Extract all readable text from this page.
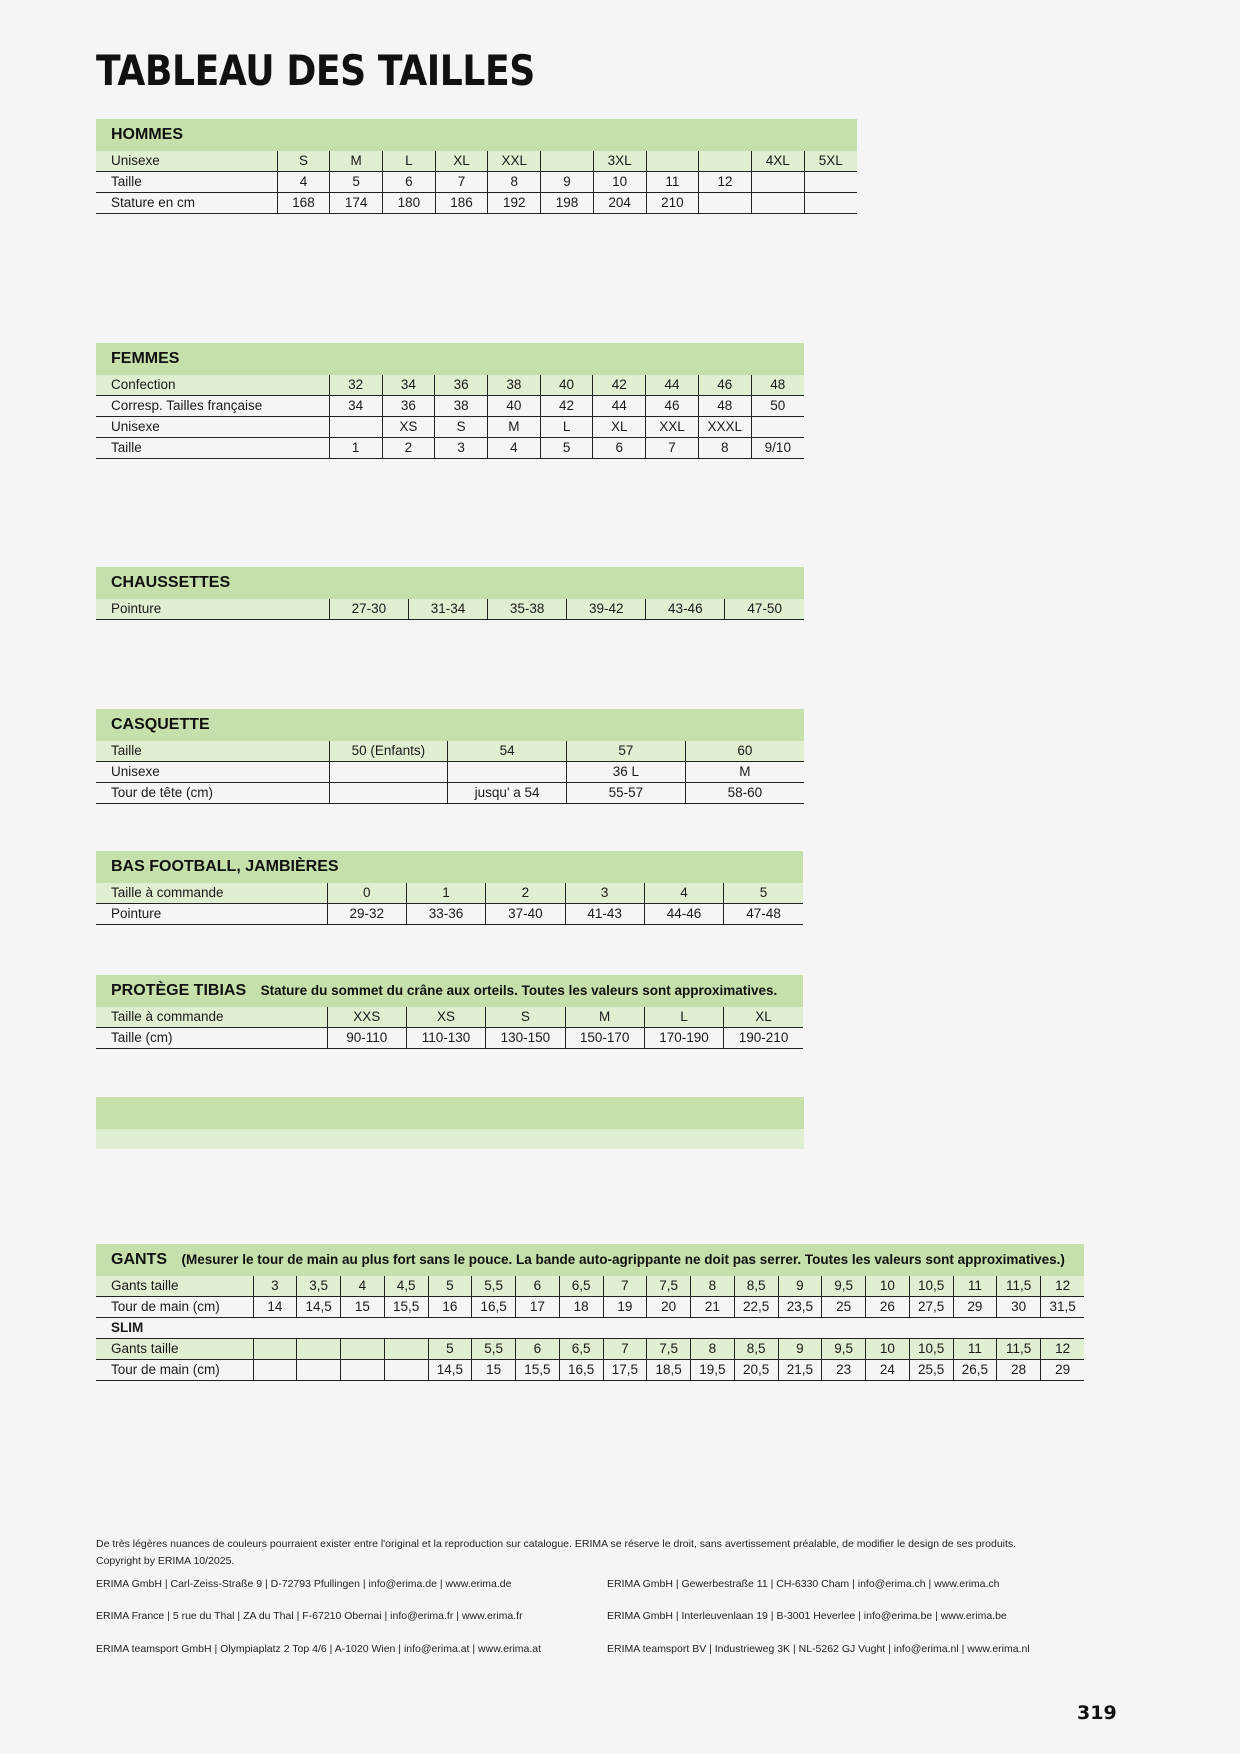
TABLEAU DES TAILLES
HOMMES
Unisexe	S	M	L	XL	XXL		3XL			4XL	5XL
Taille	4	5	6	7	8	9	10	11	12		
Stature en cm	168	174	180	186	192	198	204	210			
FEMMES
Confection	32	34	36	38	40	42	44	46	48
Corresp. Tailles française	34	36	38	40	42	44	46	48	50
Unisexe		XS	S	M	L	XL	XXL	XXXL	
Taille	1	2	3	4	5	6	7	8	9/10
CHAUSSETTES
Pointure	27-30	31-34	35-38	39-42	43-46	47-50
CASQUETTE
Taille	50 (Enfants)	54	57	60
Unisexe			36 L	M
Tour de tête (cm)		jusqu' a 54	55-57	58-60
BAS FOOTBALL, JAMBIÈRES
Taille à commande	0	1	2	3	4	5
Pointure	29-32	33-36	37-40	41-43	44-46	47-48
PROTÈGE TIBIAS Stature du sommet du crâne aux orteils. Toutes les valeurs sont approximatives.
Taille à commande	XXS	XS	S	M	L	XL
Taille (cm)	90-110	110-130	130-150	150-170	170-190	190-210
GANTS (Mesurer le tour de main au plus fort sans le pouce. La bande auto-agrippante ne doit pas serrer. Toutes les valeurs sont approximatives.)
Gants taille	3	3,5	4	4,5	5	5,5	6	6,5	7	7,5	8	8,5	9	9,5	10	10,5	11	11,5	12
Tour de main (cm)	14	14,5	15	15,5	16	16,5	17	18	19	20	21	22,5	23,5	25	26	27,5	29	30	31,5
SLIM																			
Gants taille					5	5,5	6	6,5	7	7,5	8	8,5	9	9,5	10	10,5	11	11,5	12
Tour de main (cm)					14,5	15	15,5	16,5	17,5	18,5	19,5	20,5	21,5	23	24	25,5	26,5	28	29
De très légères nuances de couleurs pourraient exister entre l'original et la reproduction sur catalogue. ERIMA se réserve le droit, sans avertissement préalable, de modifier le design de ses produits.
Copyright by ERIMA 10/2025.
ERIMA GmbH | Carl-Zeiss-Straße 9 | D-72793 Pfullingen | info@erima.de | www.erima.de	ERIMA GmbH | Gewerbestraße 11 | CH-6330 Cham | info@erima.ch | www.erima.ch
ERIMA France | 5 rue du Thal | ZA du Thal | F-67210 Obernai | info@erima.fr | www.erima.fr	ERIMA GmbH | Interleuvenlaan 19 | B-3001 Heverlee | info@erima.be | www.erima.be
ERIMA teamsport GmbH | Olympiaplatz 2 Top 4/6 | A-1020 Wien | info@erima.at | www.erima.at	ERIMA teamsport BV | Industrieweg 3K | NL-5262 GJ Vught | info@erima.nl | www.erima.nl
319
